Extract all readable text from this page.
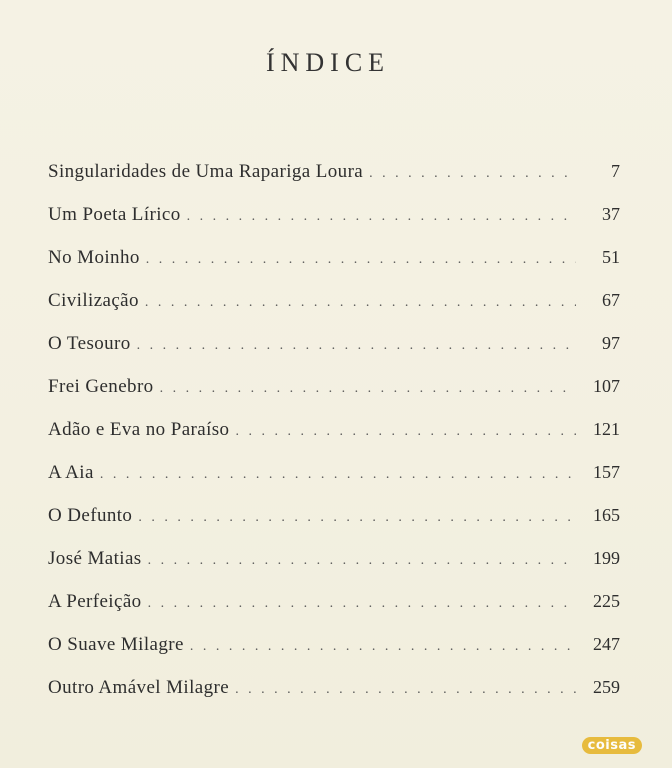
ÍNDICE
Singularidades de Uma Rapariga Loura . . .	7
Um Poeta Lírico . . .	37
No Moinho . . .	51
Civilização . . .	67
O Tesouro . . .	97
Frei Genebro . . .	107
Adão e Eva no Paraíso . . .	121
A Aia . . .	157
O Defunto . . .	165
José Matias . . .	199
A Perfeição . . .	225
O Suave Milagre . . .	247
Outro Amável Milagre . . .	259
coisas
